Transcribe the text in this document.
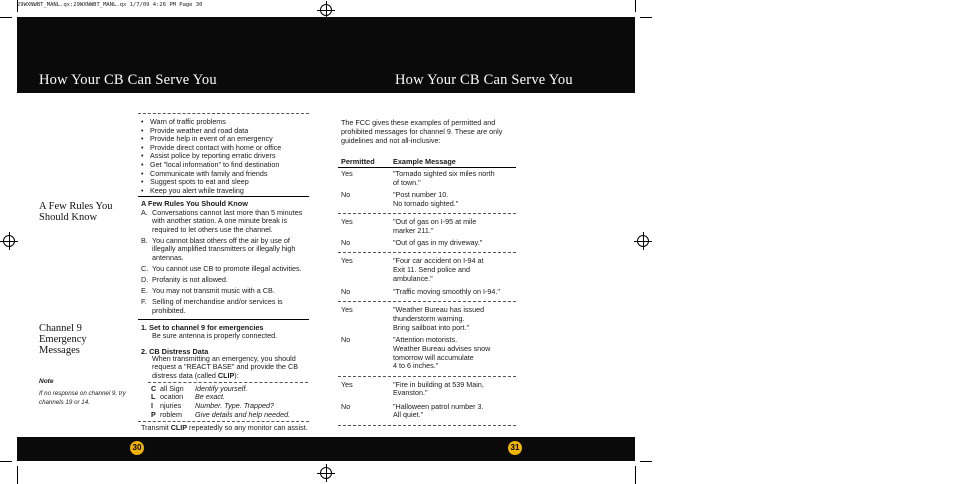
29WXNWBT_MANL.qx:29WXNWBT_MANL.qx 1/7/09 4:26 PM Page 30
How Your CB Can Serve You	How Your CB Can Serve You
30	31
A Few Rules You Should Know
Channel 9 Emergency Messages
Note
If no response on channel 9, try channels 19 or 14.
• Warn of traffic problems
• Provide weather and road data
• Provide help in event of an emergency
• Provide direct contact with home or office
• Assist police by reporting erratic drivers
• Get "local information" to find destination
• Communicate with family and friends
• Suggest spots to eat and sleep
• Keep you alert while traveling
A Few Rules You Should Know
A. Conversations cannot last more than 5 minutes with another station. A one minute break is required to let others use the channel.
B. You cannot blast others off the air by use of illegally amplified transmitters or illegally high antennas.
C. You cannot use CB to promote illegal activities.
D. Profanity is not allowed.
E. You may not transmit music with a CB.
F. Selling of merchandise and/or services is prohibited.
1. Set to channel 9 for emergencies
Be sure antenna is properly connected.
2. CB Distress Data
When transmitting an emergency, you should request a "REACT BASE" and provide the CB distress data (called CLIP):
C all Sign Identify yourself.
L ocation Be exact.
I njuries Number. Type. Trapped?
P roblem Give details and help needed.
Transmit CLIP repeatedly so any monitor can assist.
The FCC gives these examples of permitted and prohibited messages for channel 9. These are only guidelines and not all-inclusive:
Permitted	Example Message
Yes	"Tornado sighted six miles north
of town."
No	"Post number 10.
No tornado sighted."
Yes	"Out of gas on I-95 at mile
marker 211."
No	"Out of gas in my driveway."
Yes	"Four car accident on I-94 at
Exit 11. Send police and
ambulance."
No	"Traffic moving smoothly on I-94."
Yes	"Weather Bureau has issued
thunderstorm warning.
Bring sailboat into port."
No	"Attention motorists.
Weather Bureau advises snow
tomorrow will accumulate
4 to 6 inches."
Yes	"Fire in building at 539 Main,
Evanston."
No	"Halloween patrol number 3.
All quiet."
